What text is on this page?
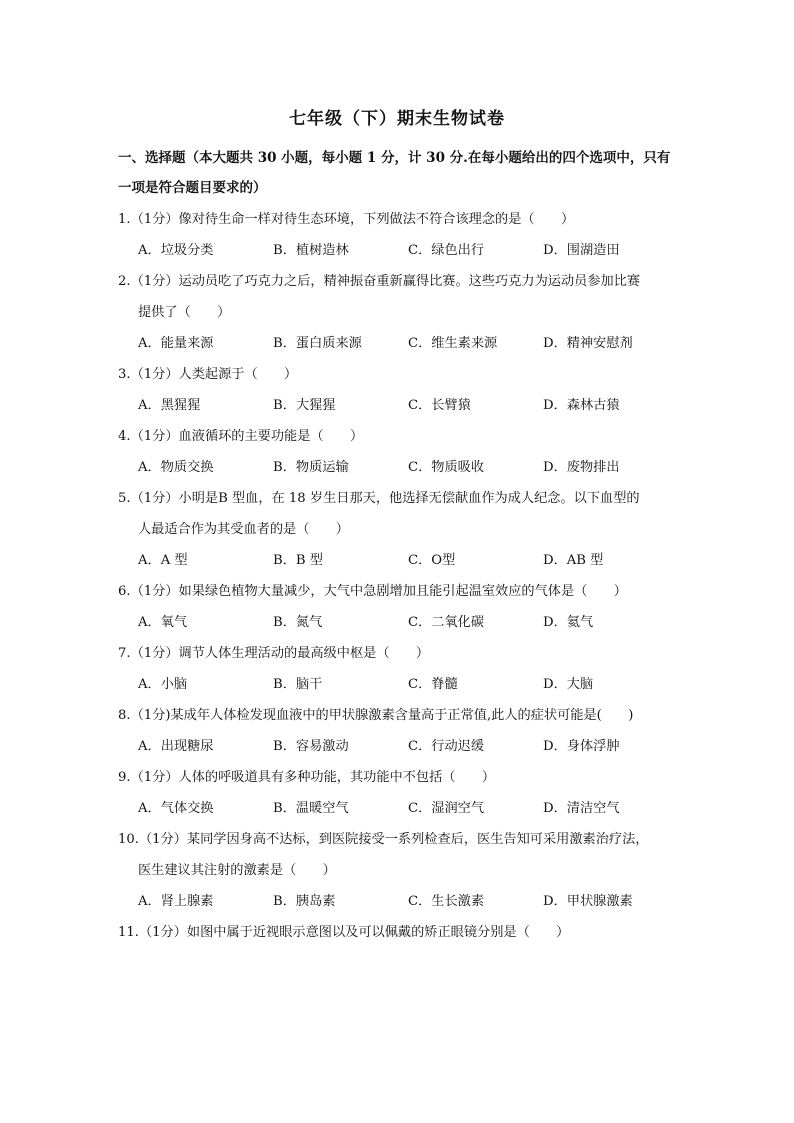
七年级（下）期末生物试卷
一、选择题（本大题共 30 小题，每小题 1 分，计 30 分.在每小题给出的四个选项中，只有一项是符合题目要求的）
1.（1分）像对待生命一样对待生态环境，下列做法不符合该理念的是（　　）
A．垃圾分类	B．植树造林	C．绿色出行	D．围湖造田
2.（1分）运动员吃了巧克力之后，精神振奋重新赢得比赛。这些巧克力为运动员参加比赛
提供了（　　）
A．能量来源	B．蛋白质来源	C．维生素来源	D．精神安慰剂
3.（1分）人类起源于（　　）
A．黑猩猩	B．大猩猩	C．长臂猿	D．森林古猿
4.（1分）血液循环的主要功能是（　　）
A．物质交换	B．物质运输	C．物质吸收	D．废物排出
5.（1分）小明是B 型血，在 18 岁生日那天，他选择无偿献血作为成人纪念。以下血型的
人最适合作为其受血者的是（　　）
A．A 型	B．B 型	C．O型	D．AB 型
6.（1分）如果绿色植物大量减少，大气中急剧增加且能引起温室效应的气体是（　　）
A．氧气	B．氮气	C．二氧化碳	D．氦气
7.（1分）调节人体生理活动的最高级中枢是（　　）
A．小脑	B．脑干	C．脊髓	D．大脑
8.（1分)某成年人体检发现血液中的甲状腺激素含量高于正常值,此人的症状可能是(　　)
A．出现糖尿	B．容易激动	C．行动迟缓	D．身体浮肿
9.（1分）人体的呼吸道具有多种功能，其功能中不包括（　　）
A．气体交换	B．温暖空气	C．湿润空气	D．清洁空气
10.（1分）某同学因身高不达标，到医院接受一系列检查后，医生告知可采用激素治疗法，
医生建议其注射的激素是（　　）
A．肾上腺素	B．胰岛素	C．生长激素	D．甲状腺激素
11.（1分）如图中属于近视眼示意图以及可以佩戴的矫正眼镜分别是（　　）
